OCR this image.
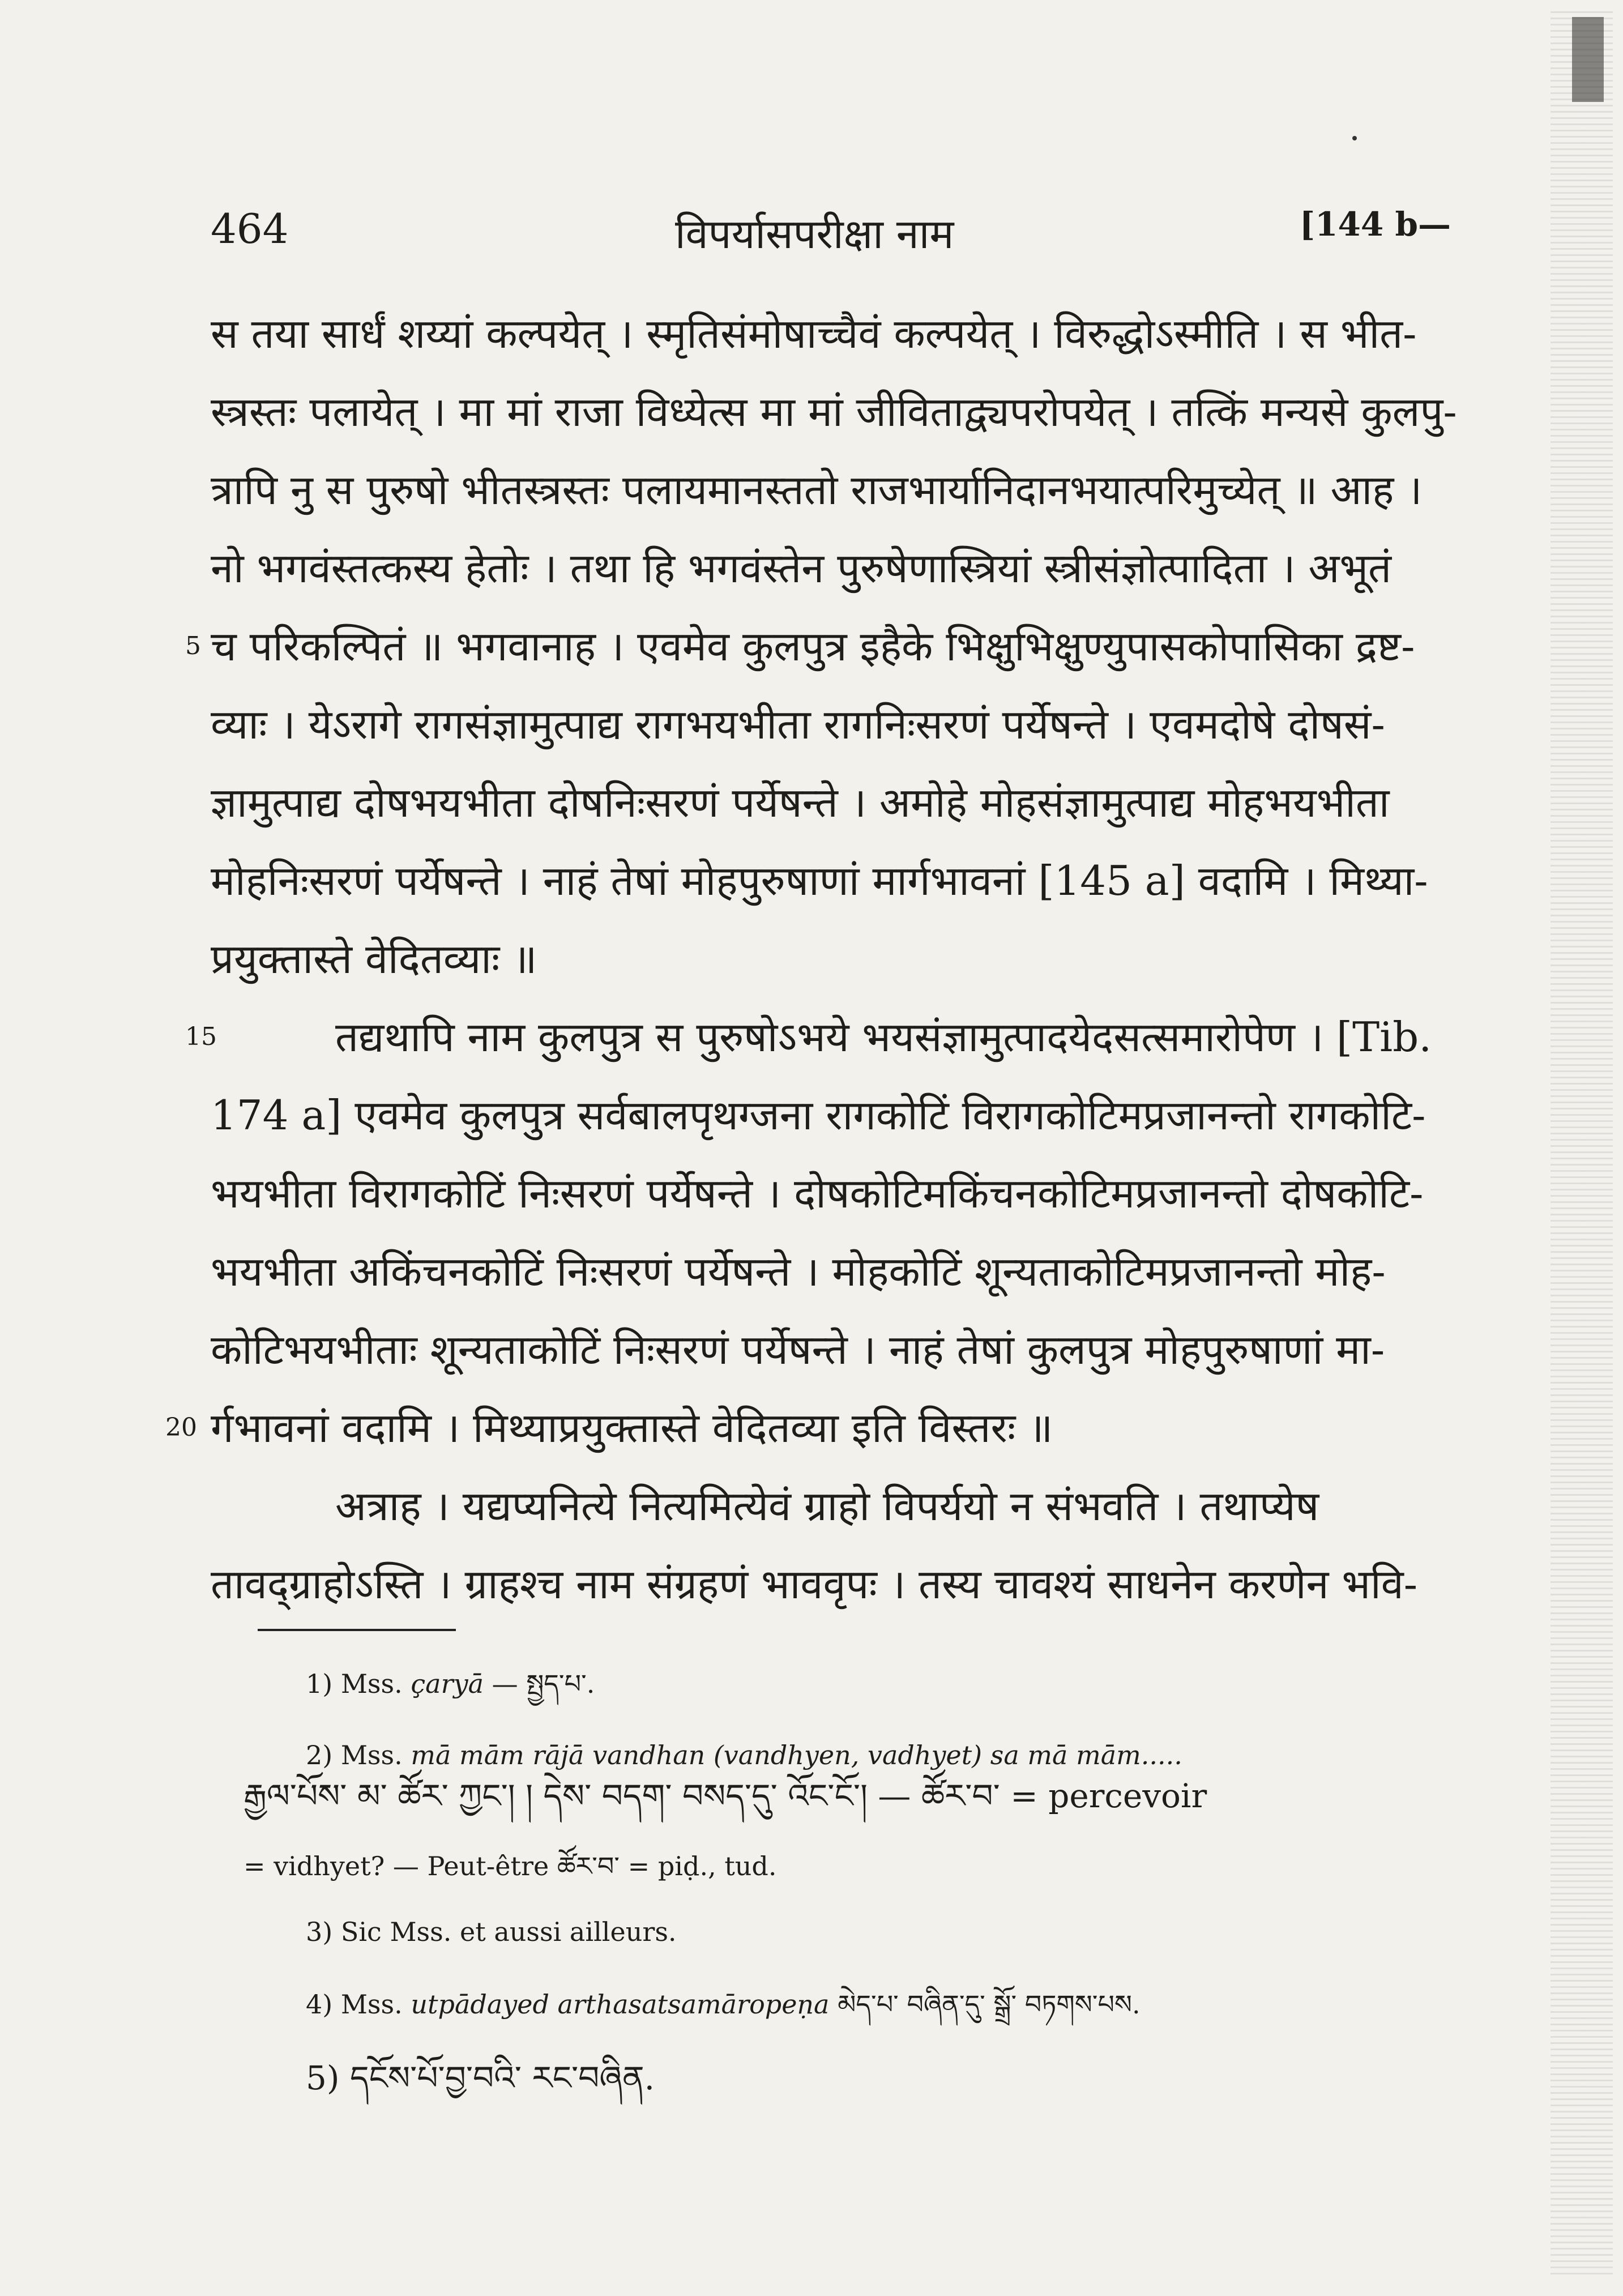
464	विपर्यासपरीक्षा नाम	[144 b—
स तया सार्धं शय्यां कल्पयेत् । स्मृतिसंमोषाच्चैवं कल्पयेत् । विरुद्धोऽस्मीति । स भीत-
स्त्रस्तः पलायेत् । मा मां राजा विध्येत्स मा मां जीविताद्व्यपरोपयेत् । तत्किं मन्यसे कुलपु-
त्रापि नु स पुरुषो भीतस्त्रस्तः पलायमानस्ततो राजभार्यानिदानभयात्परिमुच्येत् ॥ आह ।
नो भगवंस्तत्कस्य हेतोः । तथा हि भगवंस्तेन पुरुषेणास्त्रियां स्त्रीसंज्ञोत्पादिता । अभूतं
5 च परिकल्पितं ॥ भगवानाह । एवमेव कुलपुत्र इहैके भिक्षुभिक्षुण्युपासकोपासिका द्रष्ट-
व्याः । येऽरागे रागसंज्ञामुत्पाद्य रागभयभीता रागनिःसरणं पर्येषन्ते । एवमदोषे दोषसं-
ज्ञामुत्पाद्य दोषभयभीता दोषनिःसरणं पर्येषन्ते । अमोहे मोहसंज्ञामुत्पाद्य मोहभयभीता
मोहनिःसरणं पर्येषन्ते । नाहं तेषां मोहपुरुषाणां मार्गभावनां [145 a] वदामि । मिथ्या-
प्रयुक्तास्ते वेदितव्याः ॥
15	तद्यथापि नाम कुलपुत्र स पुरुषोऽभये भयसंज्ञामुत्पादयेदसत्समारोपेण । [Tib.
174 a] एवमेव कुलपुत्र सर्वबालपृथग्जना रागकोटिं विरागकोटिमप्रजानन्तो रागकोटि-
भयभीता विरागकोटिं निःसरणं पर्येषन्ते । दोषकोटिमकिंचनकोटिमप्रजानन्तो दोषकोटि-
भयभीता अकिंचनकोटिं निःसरणं पर्येषन्ते । मोहकोटिं शून्यताकोटिमप्रजानन्तो मोह-
कोटिभयभीताः शून्यताकोटिं निःसरणं पर्येषन्ते । नाहं तेषां कुलपुत्र मोहपुरुषाणां मा-
20 र्गभावनां वदामि । मिथ्याप्रयुक्तास्ते वेदितव्या इति विस्तरः ॥
अत्राह । यद्यप्यनित्ये नित्यमित्येवं ग्राहो विपर्ययो न संभवति । तथाप्येष
तावद्ग्राहोऽस्ति । ग्राहश्च नाम संग्रहणं भाववृपः । तस्य चावश्यं साधनेन करणेन भवि-
1) Mss. çaryā — སྤྱད་པ་.
2) Mss. mā mām rājā vandhan (vandhyen, vadhyet) sa mā mām.....
རྒྱལ་པོས་ མ་ ཚོར་ ཀྱང་། ། དེས་ བདག་ བསད་དུ་ འོང་ངོ་། — ཚོར་བ་ = percevoir
= vidhyet? — Peut-être ཚོར་བ་ = piḍ., tud.
3) Sic Mss. et aussi ailleurs.
4) Mss. utpādayed arthasatsamāropeṇa མེད་པ་ བཞིན་དུ་ སྒྲོ་ བཏགས་པས.
5) དངོས་པོ་བྱ་བའི་ རང་བཞིན.
